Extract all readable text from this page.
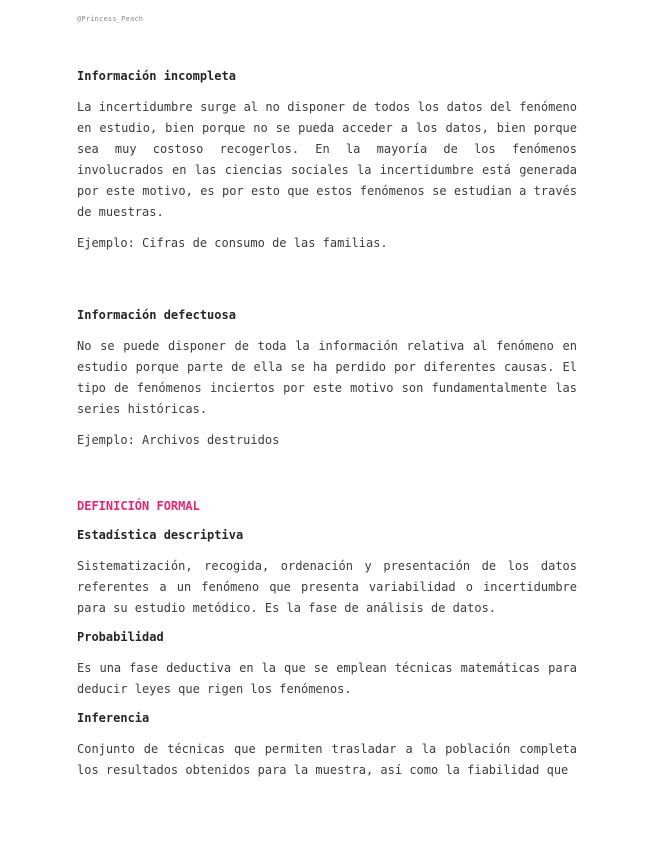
@Princess_Peach
Información incompleta

La incertidumbre surge al no disponer de todos los datos del fenómeno en estudio, bien porque no se pueda acceder a los datos, bien porque sea muy costoso recogerlos. En la mayoría de los fenómenos involucrados en las ciencias sociales la incertidumbre está generada por este motivo, es por esto que estos fenómenos se estudian a través de muestras.

Ejemplo: Cifras de consumo de las familias.

Información defectuosa

No se puede disponer de toda la información relativa al fenómeno en estudio porque parte de ella se ha perdido por diferentes causas. El tipo de fenómenos inciertos por este motivo son fundamentalmente las series históricas.

Ejemplo: Archivos destruidos

DEFINICIÓN FORMAL
Estadística descriptiva

Sistematización, recogida, ordenación y presentación de los datos referentes a un fenómeno que presenta variabilidad o incertidumbre para su estudio metódico. Es la fase de análisis de datos.

Probabilidad

Es una fase deductiva en la que se emplean técnicas matemáticas para deducir leyes que rigen los fenómenos.

Inferencia

Conjunto de técnicas que permiten trasladar a la población completa los resultados obtenidos para la muestra, así como la fiabilidad que
